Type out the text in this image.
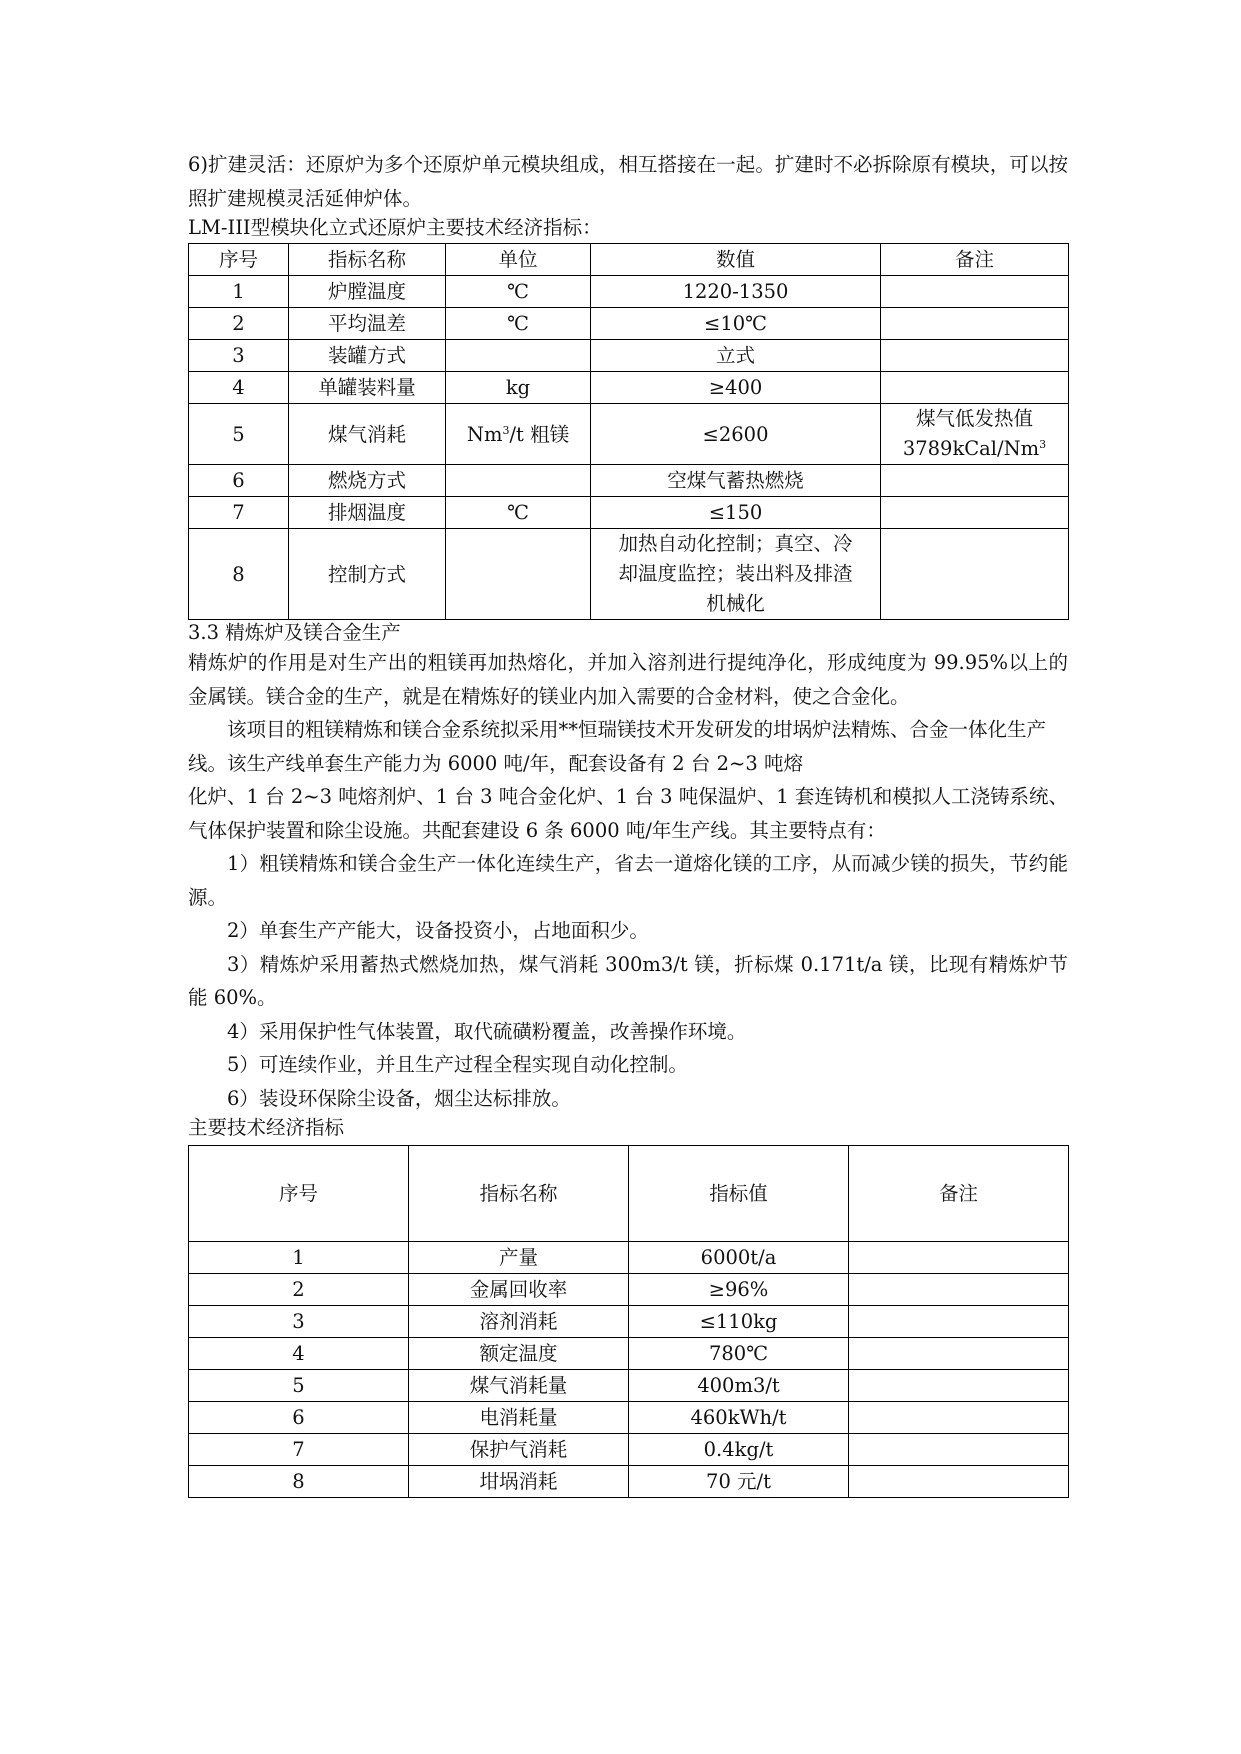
6)扩建灵活：还原炉为多个还原炉单元模块组成，相互搭接在一起。扩建时不必拆除原有模块，可以按照扩建规模灵活延伸炉体。

LM-III型模块化立式还原炉主要技术经济指标：

序号	指标名称	单位	数值	备注
1	炉膛温度	℃	1220-1350	
2	平均温差	℃	≤10℃	
3	装罐方式		立式	
4	单罐装料量	kg	≥400	
5	煤气消耗	Nm$^3$/t 粗镁	≤2600	煤气低发热值
3789kCal/Nm$^3$

6	燃烧方式		空煤气蓄热燃烧	
7	排烟温度	℃	≤150	
8	控制方式		加热自动化控制；真空、冷
却温度监控；装出料及排渣
机械化	

3.3 精炼炉及镁合金生产

精炼炉的作用是对生产出的粗镁再加热熔化，并加入溶剂进行提纯净化，形成纯度为 99.95%以上的金属镁。镁合金的生产，就是在精炼好的镁业内加入需要的合金材料，使之合金化。

该项目的粗镁精炼和镁合金系统拟采用**恒瑞镁技术开发研发的坩埚炉法精炼、合金一体化生产线。该生产线单套生产能力为 6000 吨/年，配套设备有 2 台 2~3 吨熔

化炉、1 台 2~3 吨熔剂炉、1 台 3 吨合金化炉、1 台 3 吨保温炉、1 套连铸机和模拟人工浇铸系统、气体保护装置和除尘设施。共配套建设 6 条 6000 吨/年生产线。其主要特点有：

1）粗镁精炼和镁合金生产一体化连续生产，省去一道熔化镁的工序，从而减少镁的损失，节约能源。

2）单套生产产能大，设备投资小，占地面积少。

3）精炼炉采用蓄热式燃烧加热，煤气消耗 300m3/t 镁，折标煤 0.171t/a 镁，比现有精炼炉节能 60%。

4）采用保护性气体装置，取代硫磺粉覆盖，改善操作环境。

5）可连续作业，并且生产过程全程实现自动化控制。

6）装设环保除尘设备，烟尘达标排放。

主要技术经济指标

序号	指标名称	指标值	备注
1	产量	6000t/a	
2	金属回收率	≥96%	
3	溶剂消耗	≤110kg	
4	额定温度	780℃	
5	煤气消耗量	400m3/t	
6	电消耗量	460kWh/t	
7	保护气消耗	0.4kg/t	
8	坩埚消耗	70 元/t	
